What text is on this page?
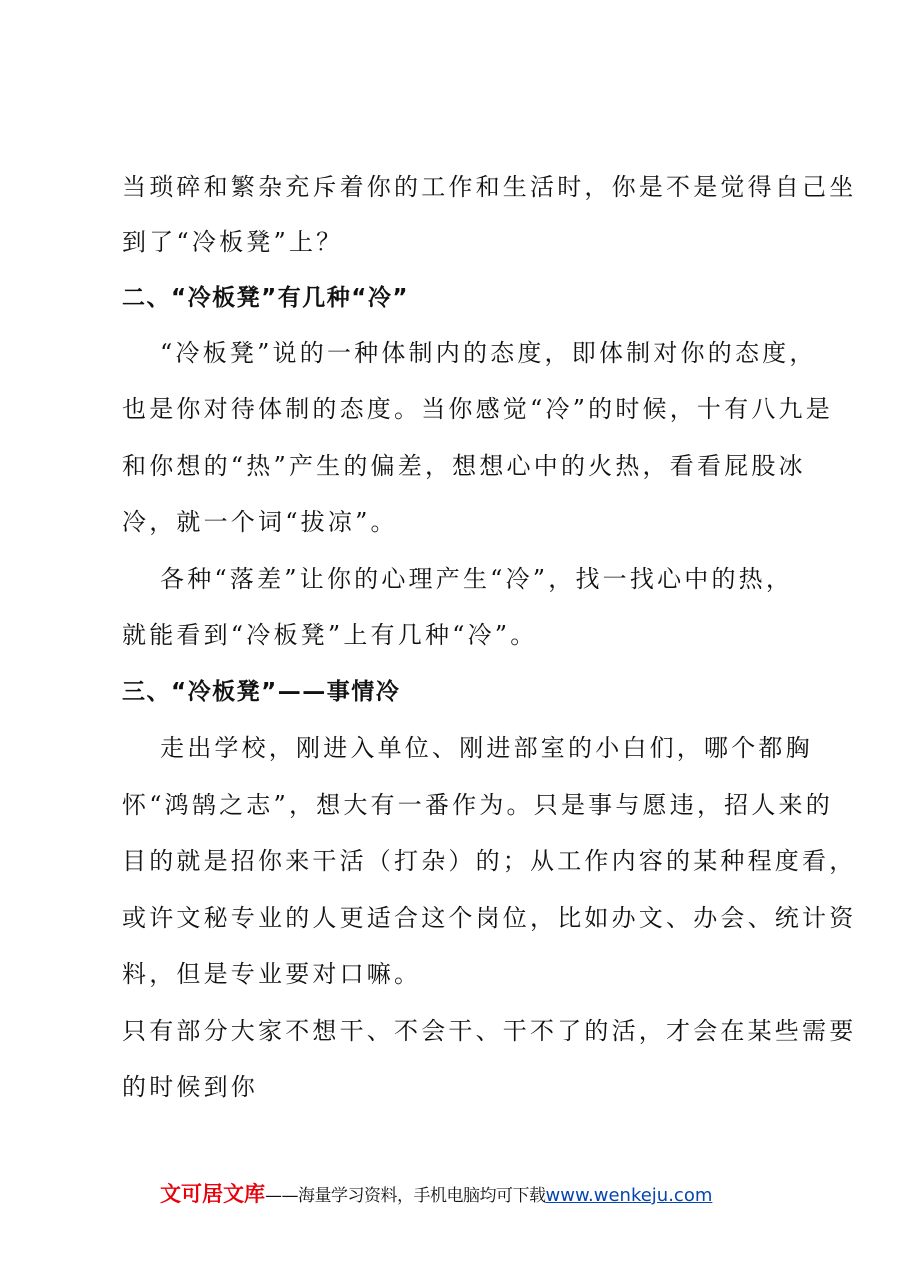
当琐碎和繁杂充斥着你的工作和生活时，你是不是觉得自己坐
到了“冷板凳”上？
二、“冷板凳”有几种“冷”
“冷板凳”说的一种体制内的态度，即体制对你的态度，
也是你对待体制的态度。当你感觉“冷”的时候，十有八九是
和你想的“热”产生的偏差，想想心中的火热，看看屁股冰
冷，就一个词“拔凉”。
各种“落差”让你的心理产生“冷”，找一找心中的热，
就能看到“冷板凳”上有几种“冷”。
三、“冷板凳”——事情冷
走出学校，刚进入单位、刚进部室的小白们，哪个都胸
怀“鸿鹄之志”，想大有一番作为。只是事与愿违，招人来的
目的就是招你来干活（打杂）的；从工作内容的某种程度看，
或许文秘专业的人更适合这个岗位，比如办文、办会、统计资
料，但是专业要对口嘛。
只有部分大家不想干、不会干、干不了的活，才会在某些需要
的时候到你
文可居文库——海量学习资料，手机电脑均可下载www.wenkeju.com
